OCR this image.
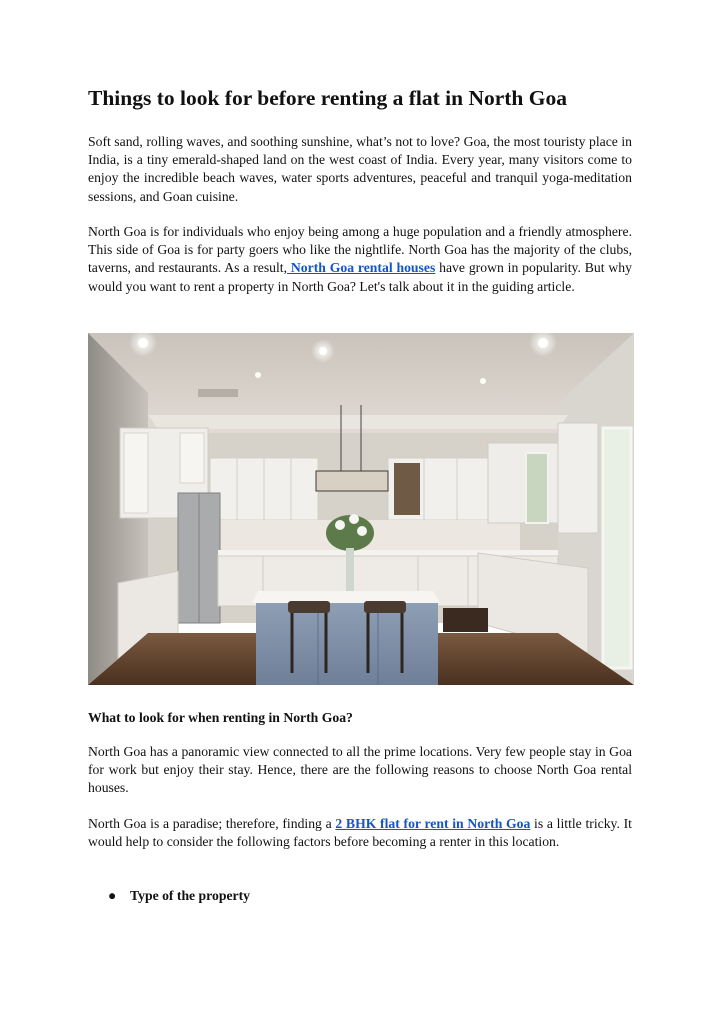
Things to look for before renting a flat in North Goa

Soft sand, rolling waves, and soothing sunshine, what’s not to love? Goa, the most touristy place in India, is a tiny emerald-shaped land on the west coast of India. Every year, many visitors come to enjoy the incredible beach waves, water sports adventures, peaceful and tranquil yoga-meditation sessions, and Goan cuisine.

North Goa is for individuals who enjoy being among a huge population and a friendly atmosphere. This side of Goa is for party goers who like the nightlife. North Goa has the majority of the clubs, taverns, and restaurants. As a result, North Goa rental houses have grown in popularity. But why would you want to rent a property in North Goa? Let's talk about it in the guiding article.

What to look for when renting in North Goa?

North Goa has a panoramic view connected to all the prime locations. Very few people stay in Goa for work but enjoy their stay. Hence, there are the following reasons to choose North Goa rental houses.

North Goa is a paradise; therefore, finding a 2 BHK flat for rent in North Goa is a little tricky. It would help to consider the following factors before becoming a renter in this location.

● Type of the property
